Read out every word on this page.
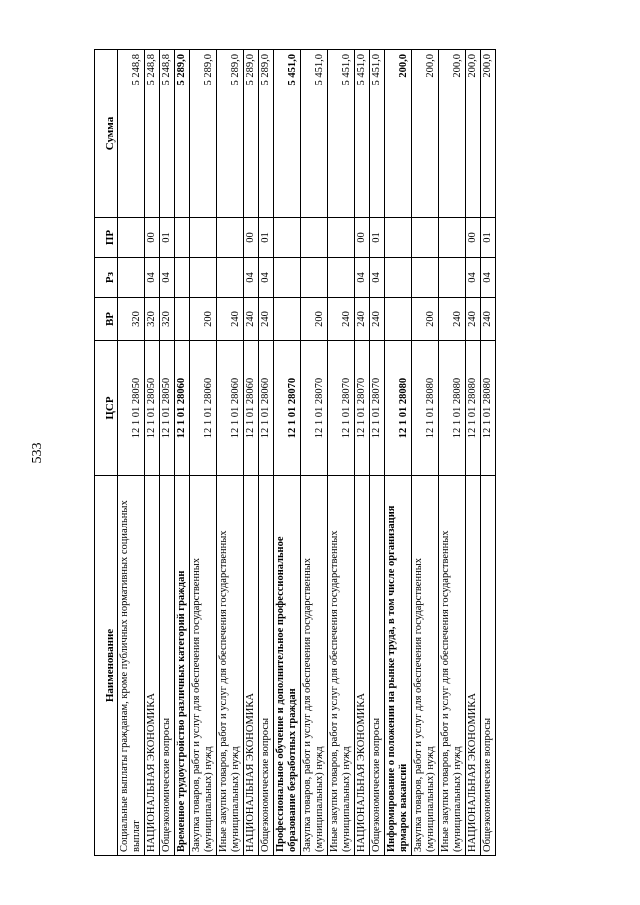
533
Наименование	ЦСР	ВР	Рз	ПР	Сумма
Социальные выплаты гражданам, кроме публичных нормативных социальных выплат	12 1 01 28050	320			5 248,8
НАЦИОНАЛЬНАЯ ЭКОНОМИКА	12 1 01 28050	320	04	00	5 248,8
Общеэкономические вопросы	12 1 01 28050	320	04	01	5 248,8
Временное трудоустройство различных категорий граждан	12 1 01 28060				5 289,0
Закупка товаров, работ и услуг для обеспечения государственных (муниципальных) нужд	12 1 01 28060	200			5 289,0
Иные закупки товаров, работ и услуг для обеспечения государственных (муниципальных) нужд	12 1 01 28060	240			5 289,0
НАЦИОНАЛЬНАЯ ЭКОНОМИКА	12 1 01 28060	240	04	00	5 289,0
Общеэкономические вопросы	12 1 01 28060	240	04	01	5 289,0
Профессиональное обучение и дополнительное профессиональное образование безработных граждан	12 1 01 28070				5 451,0
Закупка товаров, работ и услуг для обеспечения государственных (муниципальных) нужд	12 1 01 28070	200			5 451,0
Иные закупки товаров, работ и услуг для обеспечения государственных (муниципальных) нужд	12 1 01 28070	240			5 451,0
НАЦИОНАЛЬНАЯ ЭКОНОМИКА	12 1 01 28070	240	04	00	5 451,0
Общеэкономические вопросы	12 1 01 28070	240	04	01	5 451,0
Информирование о положении на рынке труда, в том числе организация ярмарок вакансий	12 1 01 28080				200,0
Закупка товаров, работ и услуг для обеспечения государственных (муниципальных) нужд	12 1 01 28080	200			200,0
Иные закупки товаров, работ и услуг для обеспечения государственных (муниципальных) нужд	12 1 01 28080	240			200,0
НАЦИОНАЛЬНАЯ ЭКОНОМИКА	12 1 01 28080	240	04	00	200,0
Общеэкономические вопросы	12 1 01 28080	240	04	01	200,0
